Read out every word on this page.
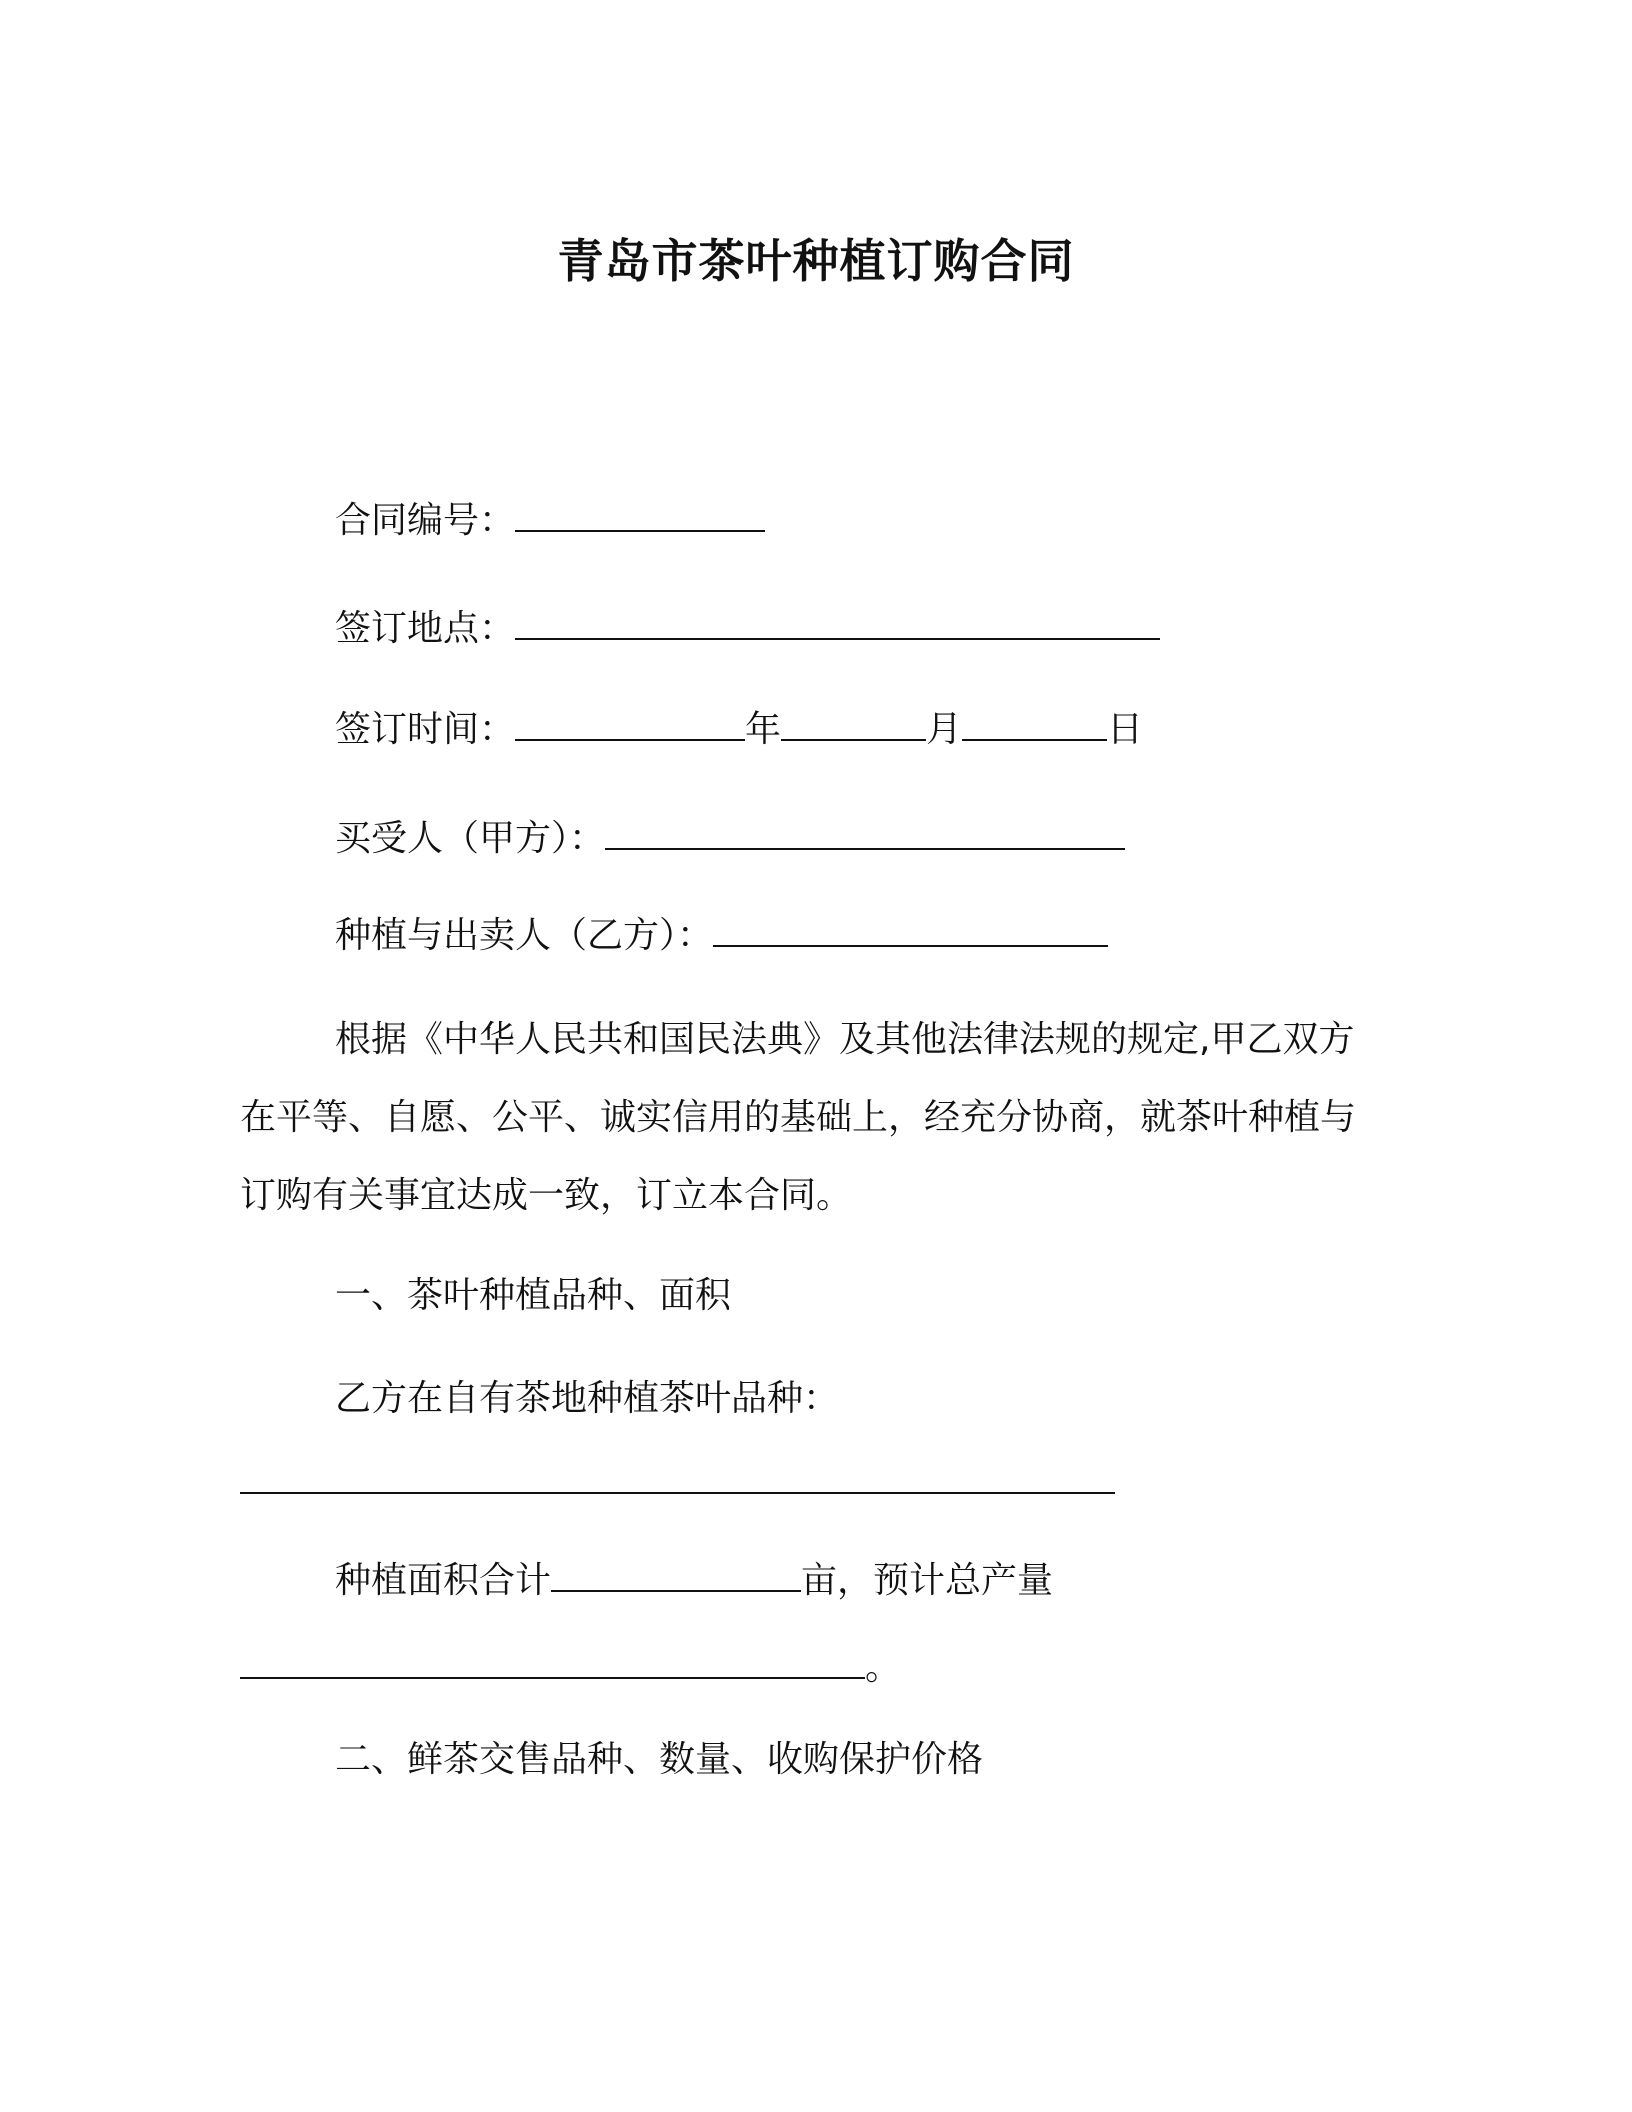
青岛市茶叶种植订购合同
合同编号：
签订地点：
签订时间：	年	月	日
买受人（甲方）：
种植与出卖人（乙方）：
根据《中华人民共和国民法典》及其他法律法规的规定,甲乙双方在平等、自愿、公平、诚实信用的基础上，经充分协商，就茶叶种植与订购有关事宜达成一致，订立本合同。
一、茶叶种植品种、面积
乙方在自有茶地种植茶叶品种：
种植面积合计	亩，预计总产量
。
二、鲜茶交售品种、数量、收购保护价格
